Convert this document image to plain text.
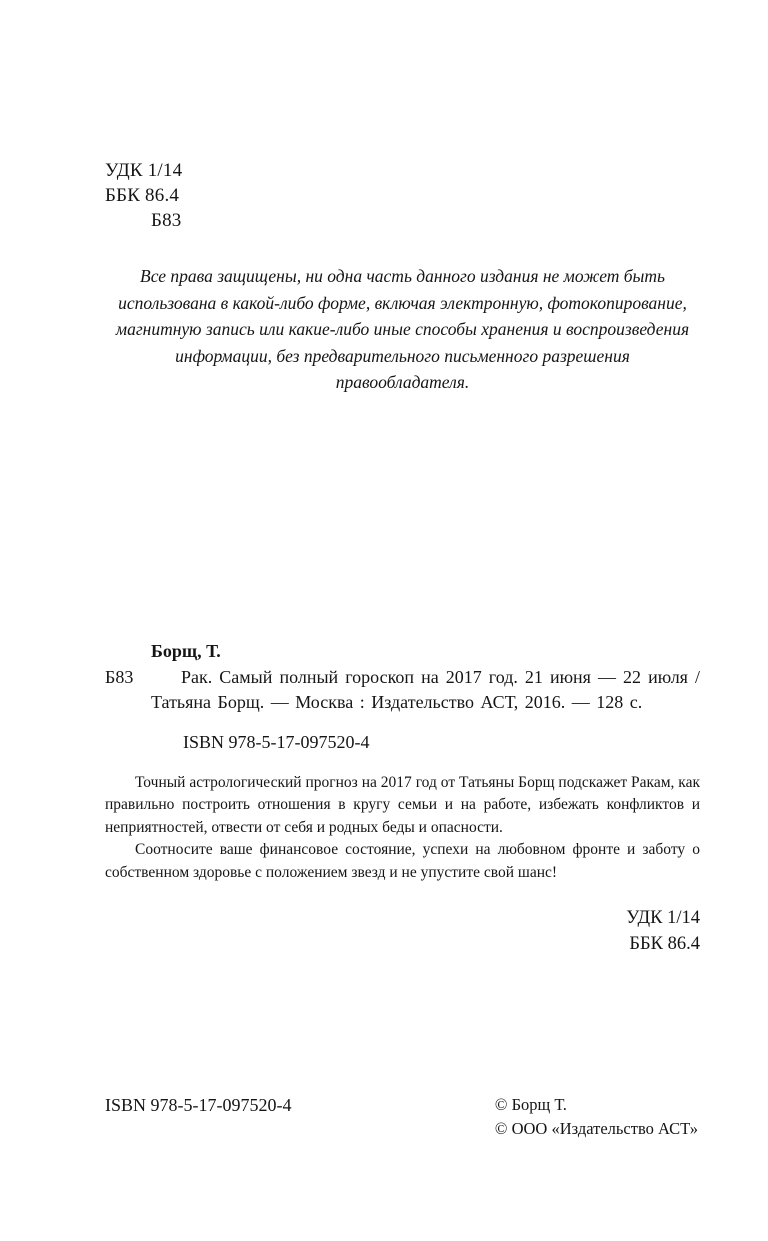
УДК 1/14
ББК 86.4
Б83
Все права защищены, ни одна часть данного издания не может быть использована в какой-либо форме, включая электронную, фотокопирование, магнитную запись или какие-либо иные способы хранения и воспроизведения информации, без предварительного письменного разрешения правообладателя.
Борщ, Т.
Б83	Рак. Самый полный гороскоп на 2017 год. 21 июня — 22 июля / Татьяна Борщ. — Москва : Издательство АСТ, 2016. — 128 с.

ISBN 978-5-17-097520-4

Точный астрологический прогноз на 2017 год от Татьяны Борщ подскажет Ракам, как правильно построить отношения в кругу семьи и на работе, избежать конфликтов и неприятностей, отвести от себя и родных беды и опасности.

Соотносите ваше финансовое состояние, успехи на любовном фронте и заботу о собственном здоровье с положением звезд и не упустите свой шанс!

УДК 1/14
ББК 86.4
ISBN 978-5-17-097520-4	© Борщ Т.
© ООО «Издательство АСТ»
